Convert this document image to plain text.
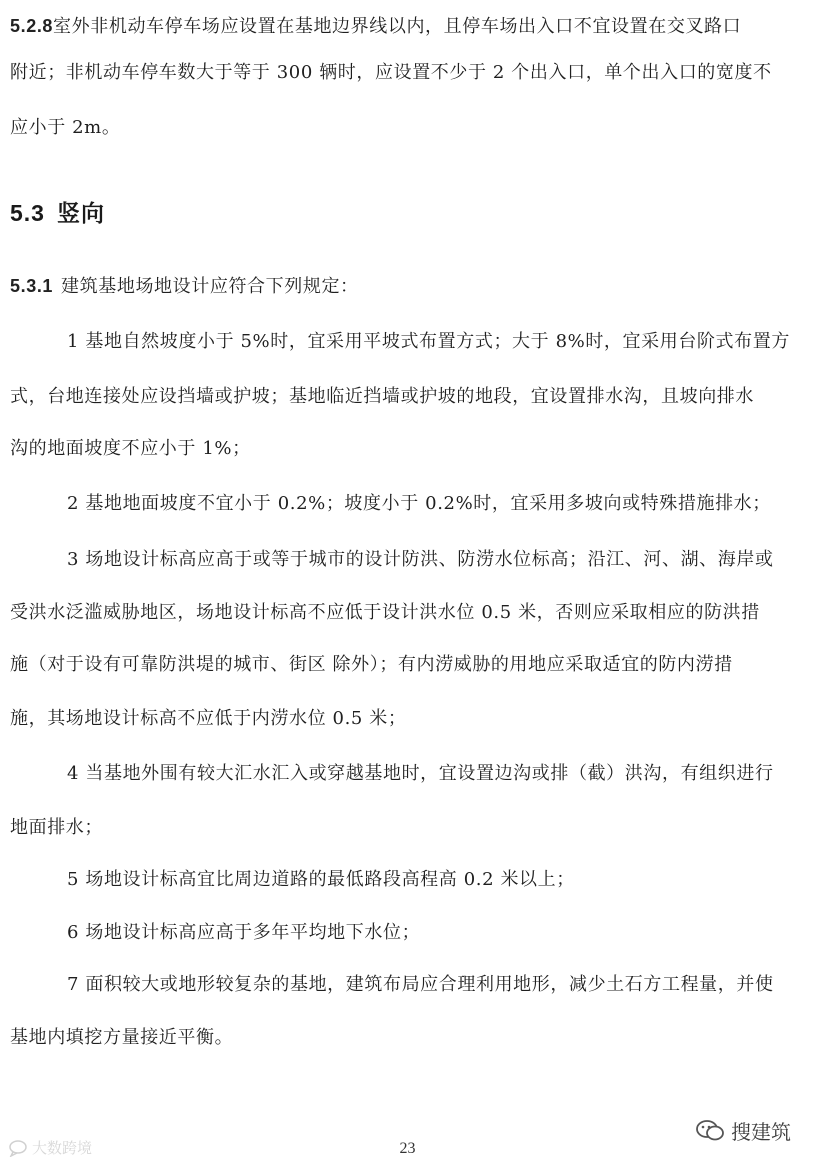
5.2.8室外非机动车停车场应设置在基地边界线以内，且停车场出入口不宜设置在交叉路口
附近；非机动车停车数大于等于 300 辆时，应设置不少于 2 个出入口，单个出入口的宽度不
应小于 2m。
5.3 竖向
5.3.1 建筑基地场地设计应符合下列规定：
1 基地自然坡度小于 5%时，宜采用平坡式布置方式；大于 8%时，宜采用台阶式布置方
式，台地连接处应设挡墙或护坡；基地临近挡墙或护坡的地段，宜设置排水沟，且坡向排水
沟的地面坡度不应小于 1%；
2 基地地面坡度不宜小于 0.2%；坡度小于 0.2%时，宜采用多坡向或特殊措施排水；
3 场地设计标高应高于或等于城市的设计防洪、防涝水位标高；沿江、河、湖、海岸或
受洪水泛滥威胁地区，场地设计标高不应低于设计洪水位 0.5 米，否则应采取相应的防洪措
施（对于设有可靠防洪堤的城市、街区 除外）；有内涝威胁的用地应采取适宜的防内涝措
施，其场地设计标高不应低于内涝水位 0.5 米；
4 当基地外围有较大汇水汇入或穿越基地时，宜设置边沟或排（截）洪沟，有组织进行
地面排水；
5 场地设计标高宜比周边道路的最低路段高程高 0.2 米以上；
6 场地设计标高应高于多年平均地下水位；
7 面积较大或地形较复杂的基地，建筑布局应合理利用地形，减少土石方工程量，并使
基地内填挖方量接近平衡。
23
大数跨境
搜建筑
